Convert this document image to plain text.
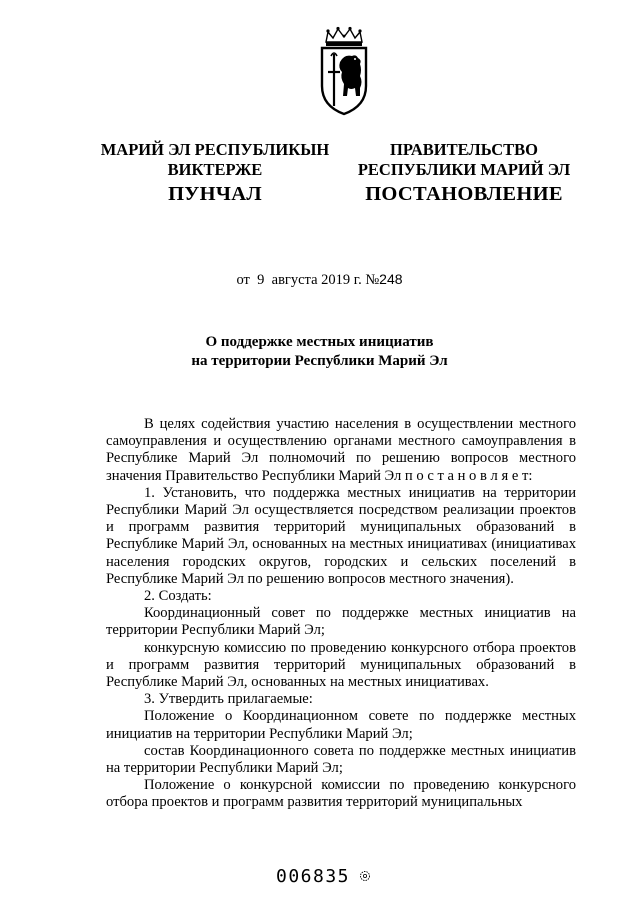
МАРИЙ ЭЛ РЕСПУБЛИКЫН
ВИКТЕРЖЕ
ПУНЧАЛ
ПРАВИТЕЛЬСТВО
РЕСПУБЛИКИ МАРИЙ ЭЛ
ПОСТАНОВЛЕНИЕ
от 9 августа 2019 г. №248
О поддержке местных инициатив
на территории Республики Марий Эл

В целях содействия участию населения в осуществлении местного самоуправления и осуществлению органами местного самоуправления в Республике Марий Эл полномочий по решению вопросов местного значения Правительство Республики Марий Эл п о с т а н о в л я е т:

1. Установить, что поддержка местных инициатив на территории Республики Марий Эл осуществляется посредством реализации проектов и программ развития территорий муниципальных образований в Республике Марий Эл, основанных на местных инициативах (инициативах населения городских округов, городских и сельских поселений в Республике Марий Эл по решению вопросов местного значения).

2. Создать:

Координационный совет по поддержке местных инициатив на территории Республики Марий Эл;

конкурсную комиссию по проведению конкурсного отбора проектов и программ развития территорий муниципальных образований в Республике Марий Эл, основанных на местных инициативах.

3. Утвердить прилагаемые:

Положение о Координационном совете по поддержке местных инициатив на территории Республики Марий Эл;

состав Координационного совета по поддержке местных инициатив на территории Республики Марий Эл;

Положение о конкурсной комиссии по проведению конкурсного отбора проектов и программ развития территорий муниципальных

006835
